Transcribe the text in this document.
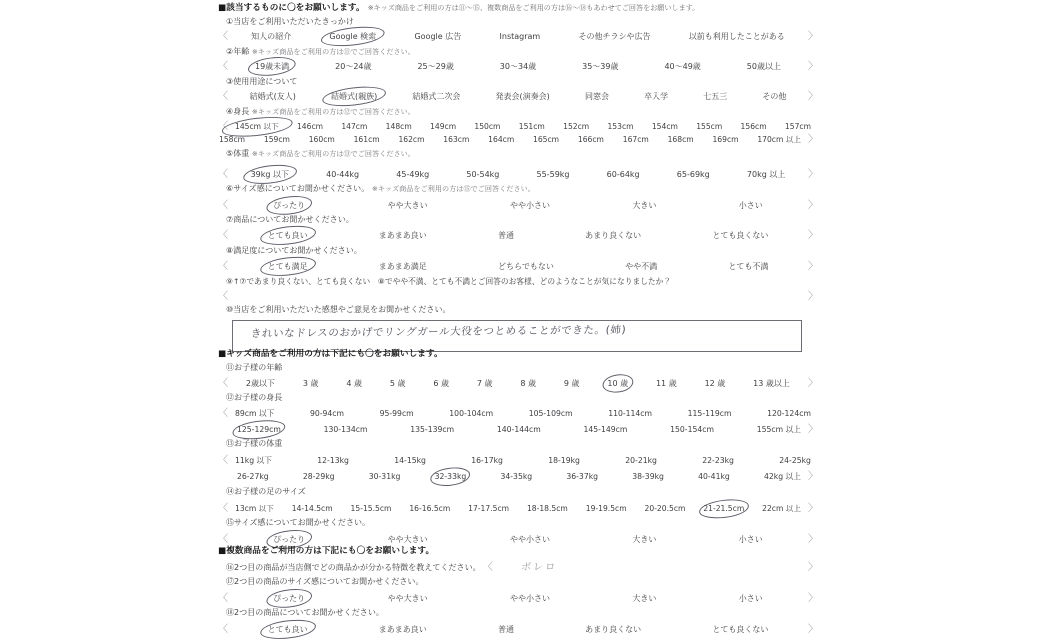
■該当するものに〇をお願いします。 ※キッズ商品をご利用の方は⑪～⑮、複数商品をご利用の方は⑯～⑱もあわせてご回答をお願いします。
①当店をご利用いただいたきっかけ
〈	知人の紹介	Google 検索	Google 広告	Instagram	その他チラシや広告	以前も利用したことがある 〉
②年齢 ※キッズ商品をご利用の方は⑪でご回答ください。
〈	19歳未満	20～24歳	25～29歳	30～34歳	35～39歳	40～49歳	50歳以上	〉
③使用用途について
〈	結婚式(友人)	結婚式(親族)	結婚式二次会	発表会(演奏会)	同窓会	卒入学	七五三	その他 〉
④身長 ※キッズ商品をご利用の方は⑫でご回答ください。
〈 145cm 以下 146cm 147cm 148cm 149cm 150cm 151cm 152cm 153cm 154cm 155cm 156cm 157cm
158cm 159cm 160cm 161cm 162cm 163cm 164cm 165cm 166cm 167cm 168cm 169cm 170cm 以上 〉
⑤体重 ※キッズ商品をご利用の方は⑬でご回答ください。
〈	39kg 以下	40-44kg	45-49kg	50-54kg	55-59kg	60-64kg	65-69kg	70kg 以上 〉
⑥サイズ感についてお聞かせください。 ※キッズ商品をご利用の方は⑮でご回答ください。
〈	ぴったり	やや大きい	やや小さい	大きい	小さい	〉
⑦商品についてお聞かせください。
〈	とても良い	まあまあ良い	普通	あまり良くない	とても良くない	〉
⑧満足度についてお聞かせください。
〈	とても満足	まあまあ満足	どちらでもない	やや不満	とても不満	〉
⑨↑⑦であまり良くない、とても良くない　⑧でやや不満、とても不満とご回答のお客様、どのようなことが気になりましたか？
〈	〉
⑩当店をご利用いただいた感想やご意見をお聞かせください。
きれいなドレスのおかげでリングガール大役をつとめることができた。(姉)
■キッズ商品をご利用の方は下記にも〇をお願いします。
⑪お子様の年齢
〈 2歳以下	3 歳	4 歳	5 歳	6 歳	7 歳	8 歳	9 歳	10 歳	11 歳	12 歳	13 歳以上 〉
⑫お子様の身長
〈 89cm 以下	90-94cm	95-99cm	100-104cm	105-109cm	110-114cm	115-119cm	120-124cm
125-129cm	130-134cm	135-139cm	140-144cm	145-149cm	150-154cm	155cm 以上 〉
⑬お子様の体重
〈 11kg 以下	12-13kg	14-15kg	16-17kg	18-19kg	20-21kg	22-23kg	24-25kg
26-27kg	28-29kg	30-31kg	32-33kg	34-35kg	36-37kg	38-39kg	40-41kg	42kg 以上 〉
⑭お子様の足のサイズ
〈 13cm 以下 14-14.5cm 15-15.5cm 16-16.5cm 17-17.5cm 18-18.5cm 19-19.5cm 20-20.5cm 21-21.5cm 22cm 以上 〉
⑮サイズ感についてお聞かせください。
〈	ぴったり	やや大きい	やや小さい	大きい	小さい	〉
■複数商品をご利用の方は下記にも〇をお願いします。
⑯2つ目の商品が当店側でどの商品かが分かる特徴を教えてください。 〈	ボレロ	〉
⑰2つ目の商品のサイズ感についてお聞かせください。
〈	ぴったり	やや大きい	やや小さい	大きい	小さい	〉
⑱2つ目の商品についてお聞かせください。
〈	とても良い	まあまあ良い	普通	あまり良くない	とても良くない	〉
